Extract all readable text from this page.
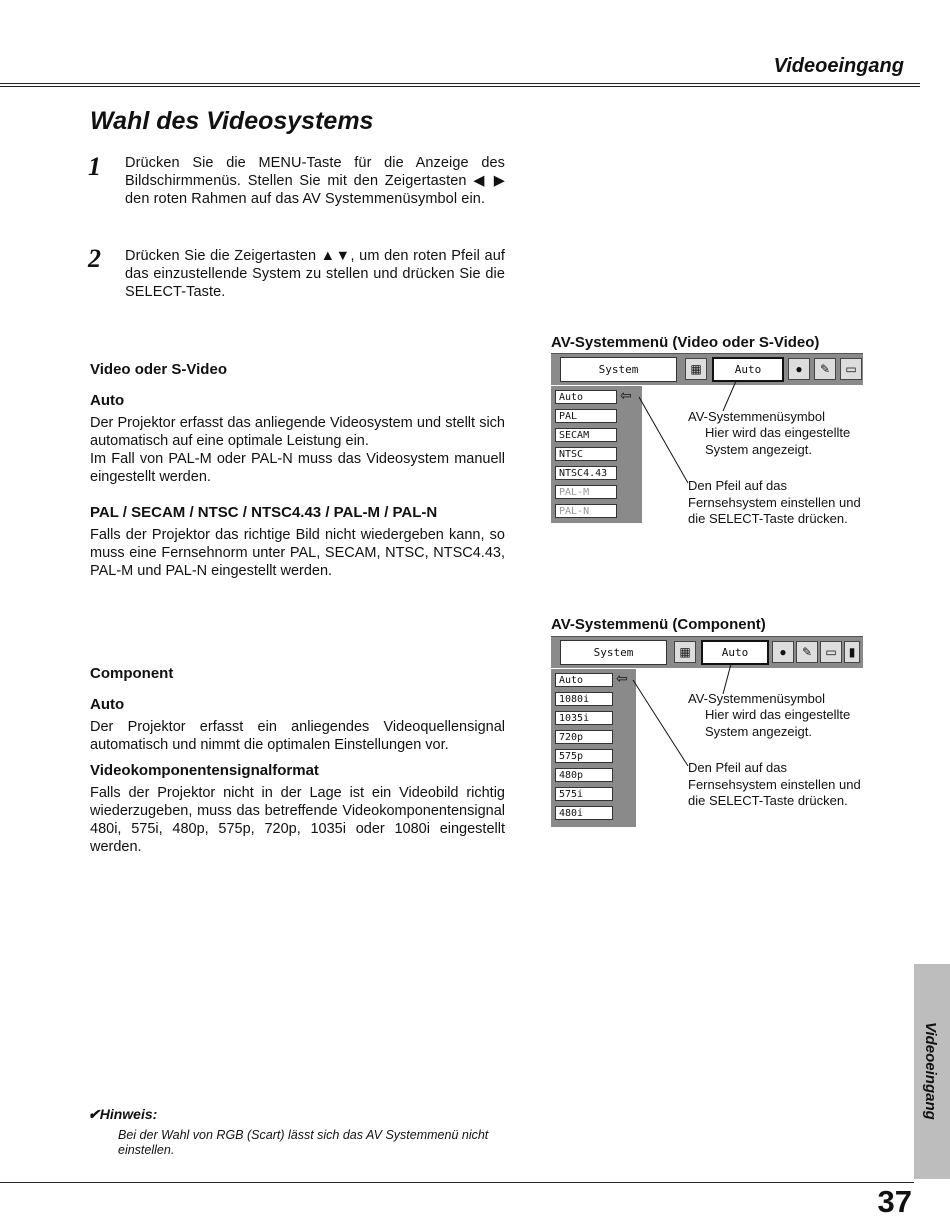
Videoeingang
Wahl des Videosystems
1 Drücken Sie die MENU-Taste für die Anzeige des Bildschirmmenüs. Stellen Sie mit den Zeigertasten ◀ ▶ den roten Rahmen auf das AV Systemmenüsymbol ein.
2 Drücken Sie die Zeigertasten ▲▼, um den roten Pfeil auf das einzustellende System zu stellen und drücken Sie die SELECT-Taste.
Video oder S-Video
Auto
Der Projektor erfasst das anliegende Videosystem und stellt sich automatisch auf eine optimale Leistung ein.
Im Fall von PAL-M oder PAL-N muss das Videosystem manuell eingestellt werden.
PAL / SECAM / NTSC / NTSC4.43 / PAL-M / PAL-N
Falls der Projektor das richtige Bild nicht wiedergeben kann, so muss eine Fernsehnorm unter PAL, SECAM, NTSC, NTSC4.43, PAL-M und PAL-N eingestellt werden.
Component
Auto
Der Projektor erfasst ein anliegendes Videoquellensignal automatisch und nimmt die optimalen Einstellungen vor.
Videokomponentensignalformat
Falls der Projektor nicht in der Lage ist ein Videobild richtig wiederzugeben, muss das betreffende Videokomponentensignal 480i, 575i, 480p, 575p, 720p, 1035i oder 1080i eingestellt werden.
AV-Systemmenü (Video oder S-Video)
System	▦	Auto	●	✎	▭
Auto
PAL
SECAM
NTSC
NTSC4.43
PAL-M
PAL-N
⇦
AV-Systemmenüsymbol
Hier wird das eingestellte System angezeigt.
Den Pfeil auf das Fernsehsystem einstellen und die SELECT-Taste drücken.
AV-Systemmenü (Component)
System	▦	Auto	●	✎	▭	▮
Auto
1080i
1035i
720p
575p
480p
575i
480i
⇦
AV-Systemmenüsymbol
Hier wird das eingestellte System angezeigt.
Den Pfeil auf das Fernsehsystem einstellen und die SELECT-Taste drücken.
✔Hinweis:
Bei der Wahl von RGB (Scart) lässt sich das AV Systemmenü nicht einstellen.
Videoeingang
37
